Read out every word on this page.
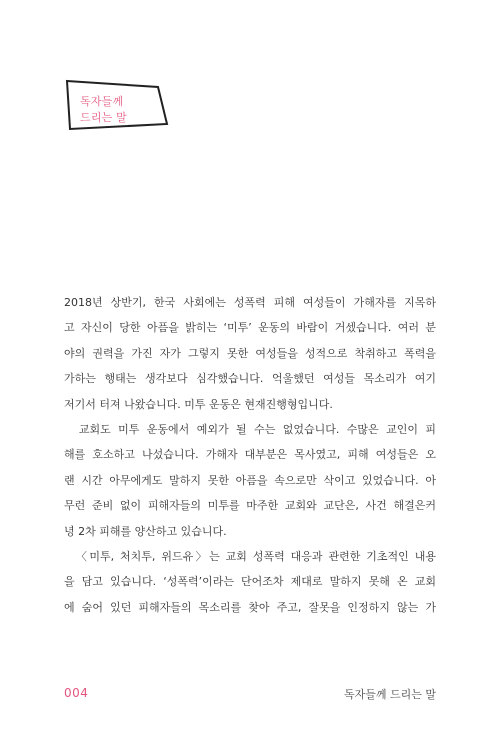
독자들께
드리는 말
2018년 상반기, 한국 사회에는 성폭력 피해 여성들이 가해자를 지목하
고 자신이 당한 아픔을 밝히는 ‘미투’ 운동의 바람이 거셌습니다. 여러 분
야의 권력을 가진 자가 그렇지 못한 여성들을 성적으로 착취하고 폭력을
가하는 행태는 생각보다 심각했습니다. 억울했던 여성들 목소리가 여기
저기서 터져 나왔습니다. 미투 운동은 현재진행형입니다.
교회도 미투 운동에서 예외가 될 수는 없었습니다. 수많은 교인이 피
해를 호소하고 나섰습니다. 가해자 대부분은 목사였고, 피해 여성들은 오
랜 시간 아무에게도 말하지 못한 아픔을 속으로만 삭이고 있었습니다. 아
무런 준비 없이 피해자들의 미투를 마주한 교회와 교단은, 사건 해결은커
녕 2차 피해를 양산하고 있습니다.
〈미투, 처치투, 위드유〉는 교회 성폭력 대응과 관련한 기초적인 내용
을 담고 있습니다. ‘성폭력’이라는 단어조차 제대로 말하지 못해 온 교회
에 숨어 있던 피해자들의 목소리를 찾아 주고, 잘못을 인정하지 않는 가
004	독자들께 드리는 말
